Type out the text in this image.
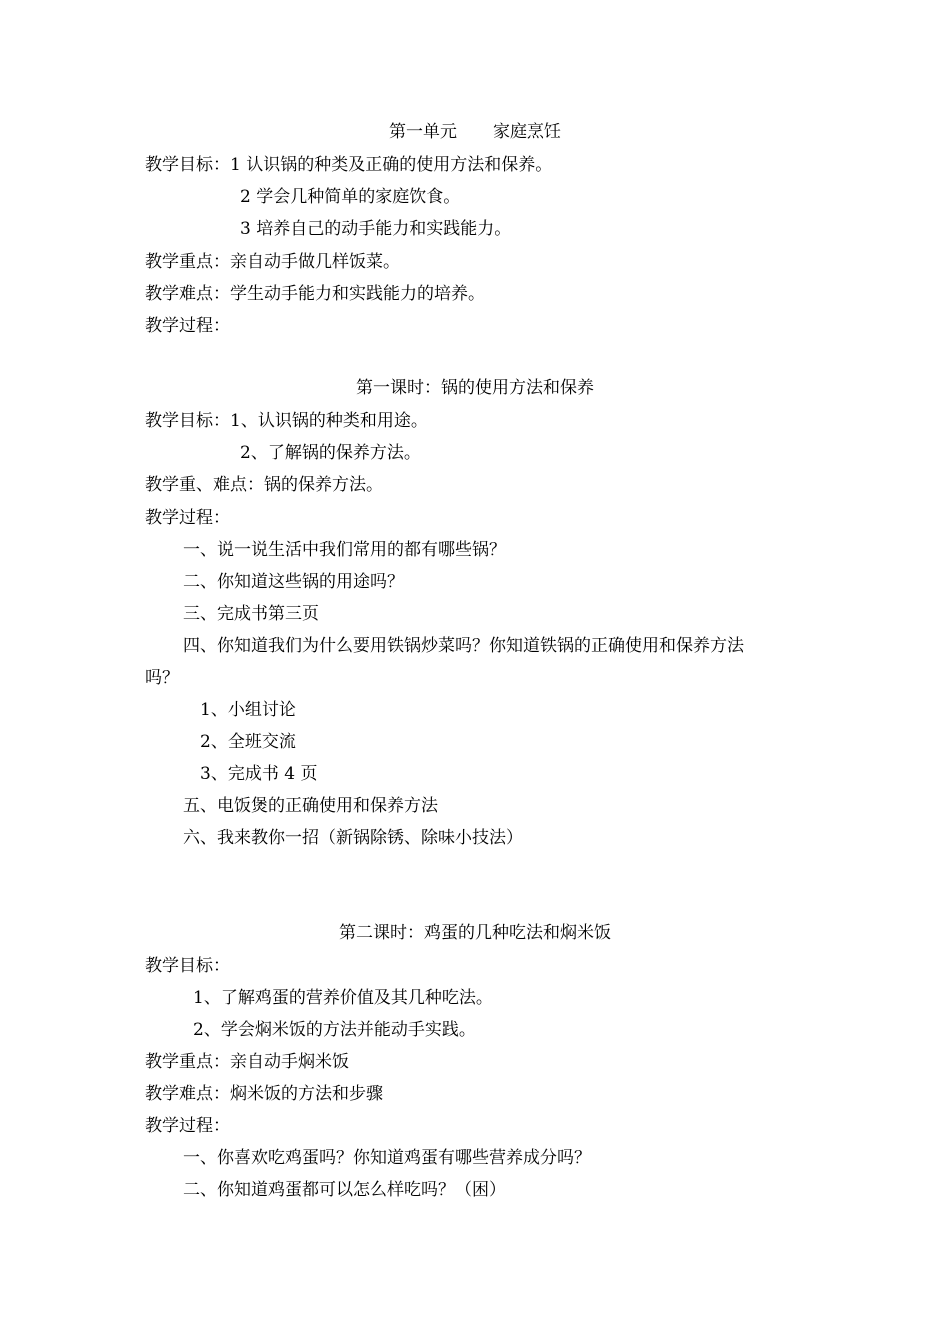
第一单元 家庭烹饪
教学目标：1 认识锅的种类及正确的使用方法和保养。
2 学会几种简单的家庭饮食。
3 培养自己的动手能力和实践能力。
教学重点：亲自动手做几样饭菜。
教学难点：学生动手能力和实践能力的培养。
教学过程：
第一课时：锅的使用方法和保养
教学目标：1、认识锅的种类和用途。
2、了解锅的保养方法。
教学重、难点：锅的保养方法。
教学过程：
一、说一说生活中我们常用的都有哪些锅？
二、你知道这些锅的用途吗？
三、完成书第三页
四、你知道我们为什么要用铁锅炒菜吗？你知道铁锅的正确使用和保养方法
吗？
1、小组讨论
2、全班交流
3、完成书 4 页
五、电饭煲的正确使用和保养方法
六、我来教你一招（新锅除锈、除味小技法）
第二课时：鸡蛋的几种吃法和焖米饭
教学目标：
1、了解鸡蛋的营养价值及其几种吃法。
2、学会焖米饭的方法并能动手实践。
教学重点：亲自动手焖米饭
教学难点：焖米饭的方法和步骤
教学过程：
一、你喜欢吃鸡蛋吗？你知道鸡蛋有哪些营养成分吗？
二、你知道鸡蛋都可以怎么样吃吗？（困）
